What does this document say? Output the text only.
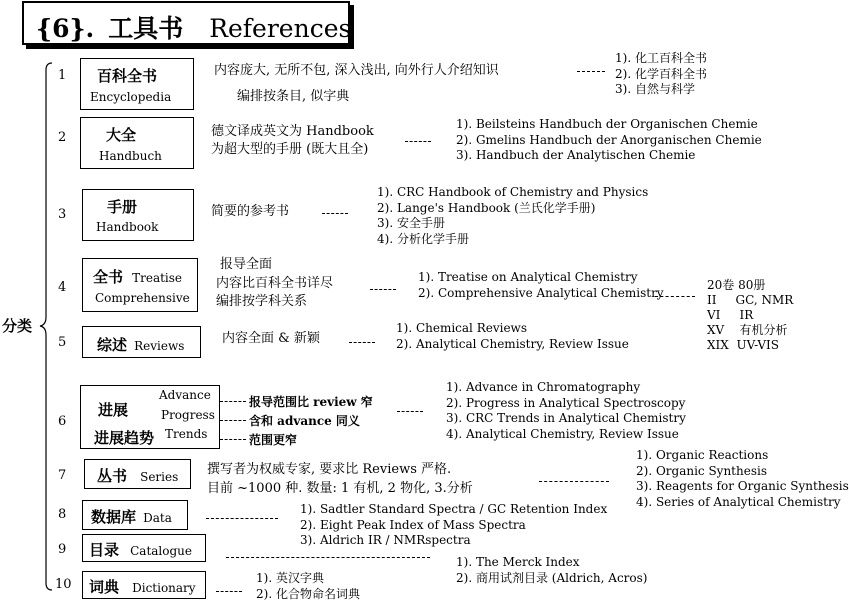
{6}. 工具书 References
分类
1 百科全书
Encyclopedia
内容庞大, 无所不包, 深入浅出, 向外行人介绍知识
编排按条目, 似字典
1). 化工百科全书
2). 化学百科全书
3). 自然与科学
2	大全
Handbuch
德文译成英文为 Handbook
为超大型的手册 (既大且全)
1). Beilsteins Handbuch der Organischen Chemie
2). Gmelins Handbuch der Anorganischen Chemie
3). Handbuch der Analytischen Chemie
3	手册
Handbook
简要的参考书
1). CRC Handbook of Chemistry and Physics
2). Lange's Handbook (兰氏化学手册)
3). 安全手册
4). 分析化学手册
4
全书 Treatise
Comprehensive
报导全面
内容比百科全书详尽
编排按学科关系
1). Treatise on Analytical Chemistry
2). Comprehensive Analytical Chemistry
20卷 80册
II     GC, NMR
VI     IR
XV    有机分析
XIX  UV-VIS
5 综述 Reviews	内容全面 & 新颖
1). Chemical Reviews
2). Analytical Chemistry, Review Issue
6
进展
进展趋势
Advance
Progress
Trends
报导范围比 review 窄
含和 advance 同义
范围更窄
1). Advance in Chromatography
2). Progress in Analytical Spectroscopy
3). CRC Trends in Analytical Chemistry
4). Analytical Chemistry, Review Issue
7 丛书 Series 撰写者为权威专家, 要求比 Reviews 严格.
目前 ~1000 种. 数量: 1 有机, 2 物化, 3.分析
1). Organic Reactions
2). Organic Synthesis
3). Reagents for Organic Synthesis
4). Series of Analytical Chemistry
8 数据库 Data
1). Sadtler Standard Spectra / GC Retention Index
2). Eight Peak Index of Mass Spectra
3). Aldrich IR / NMRspectra
9 目录 Catalogue
1). The Merck Index
2). 商用试剂目录 (Aldrich, Acros)
10 词典 Dictionary
1). 英汉字典
2). 化合物命名词典
